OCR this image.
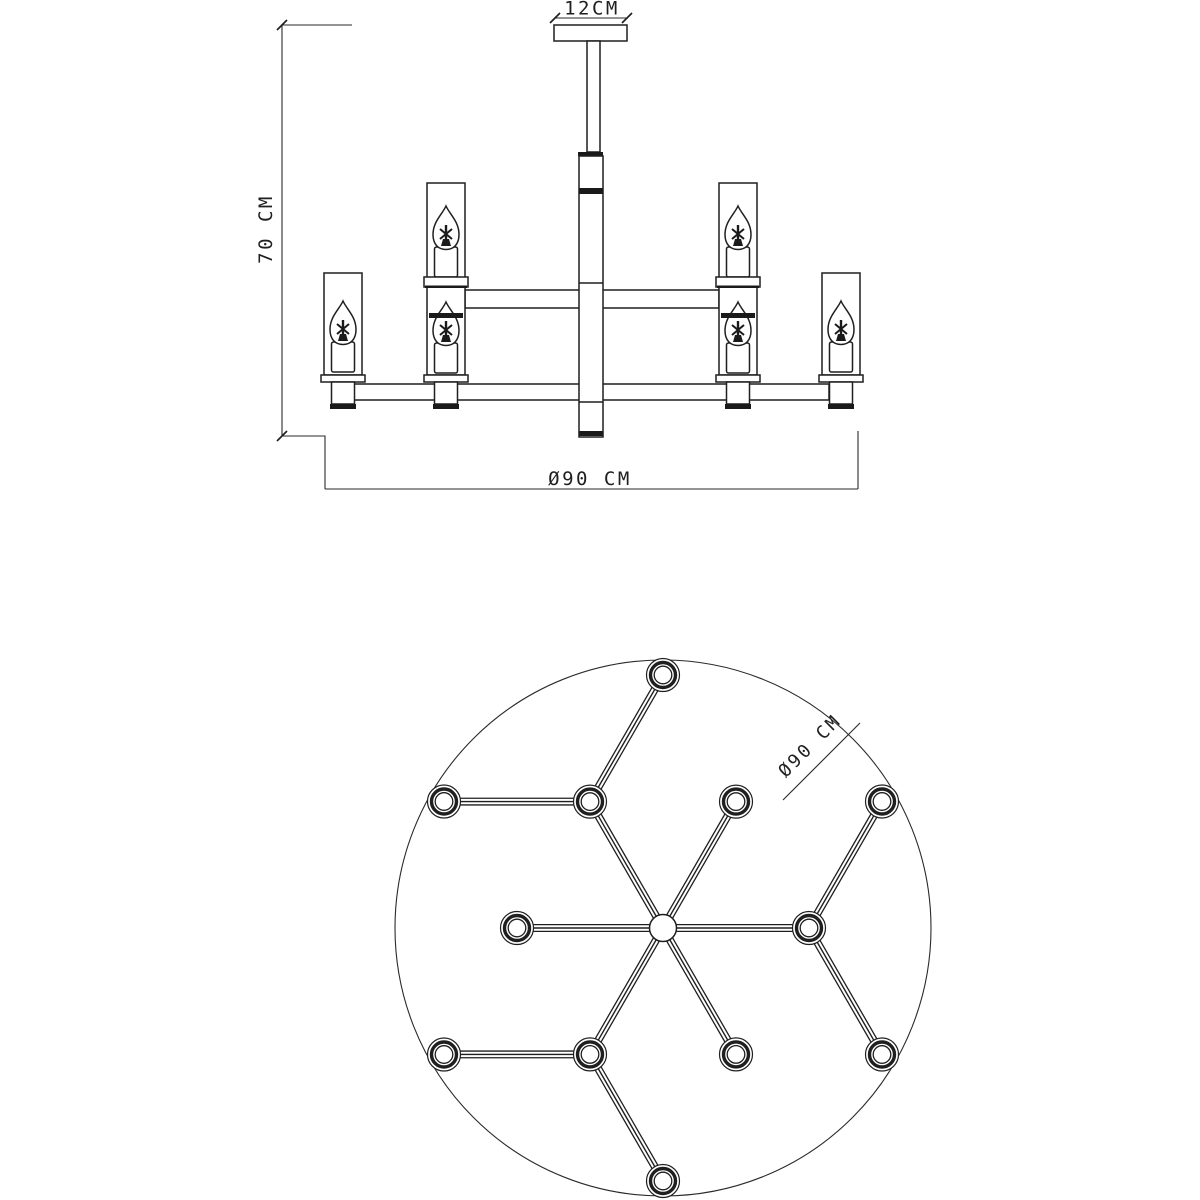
12CM
70 CM
Ø90 CM
Ø90 CM
